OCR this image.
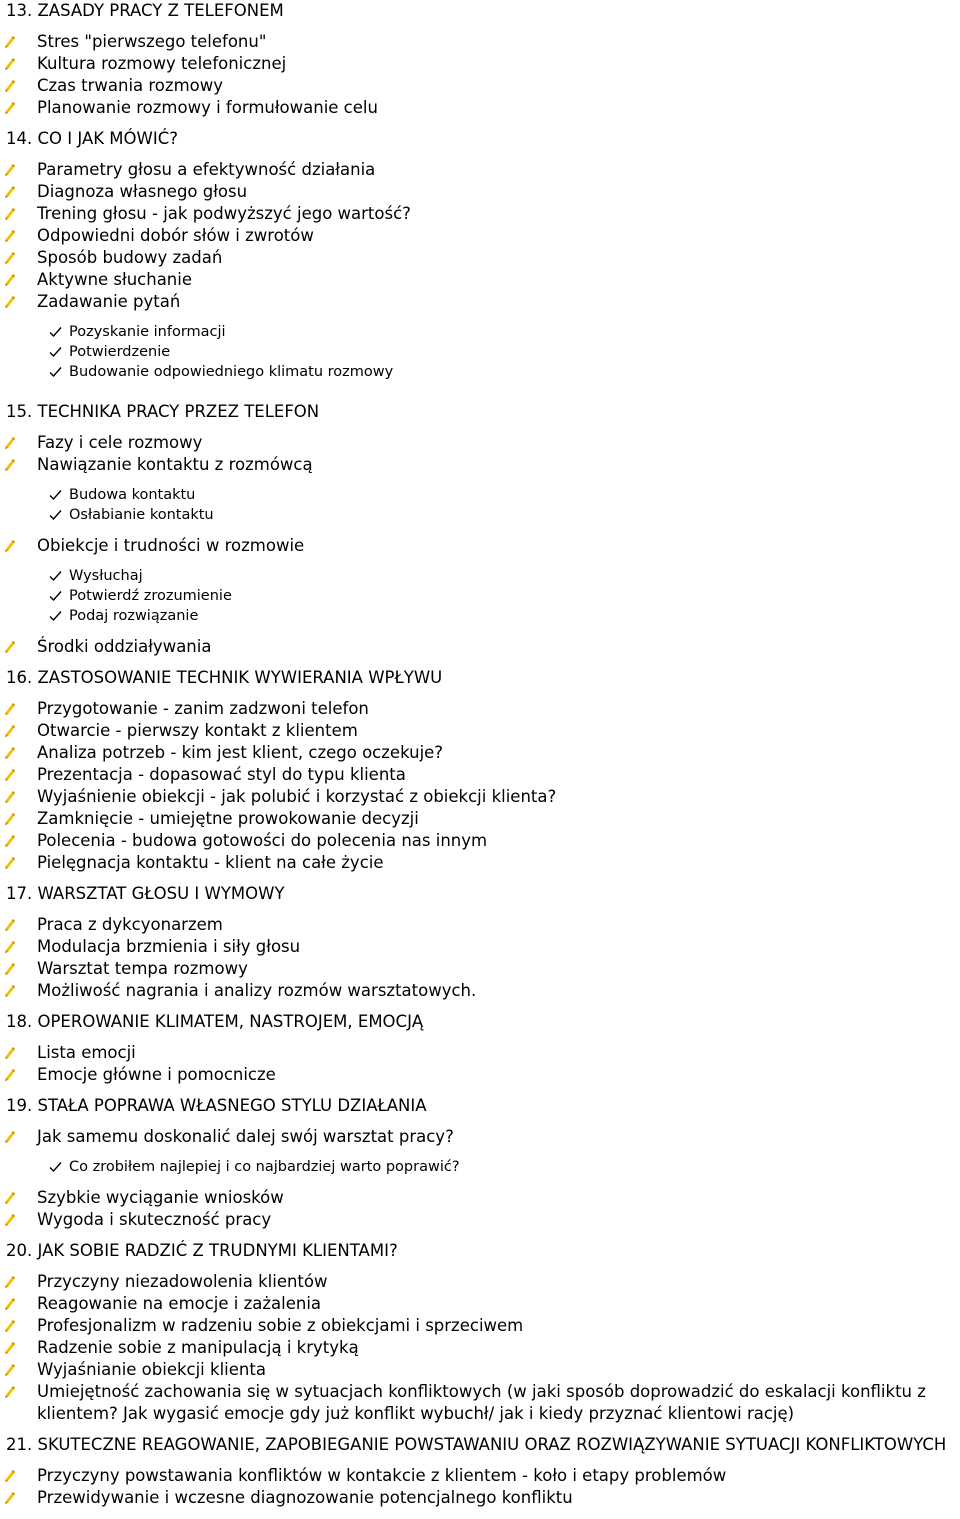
13. ZASADY PRACY Z TELEFONEM
Stres "pierwszego telefonu"
Kultura rozmowy telefonicznej
Czas trwania rozmowy
Planowanie rozmowy i formułowanie celu
14. CO I JAK MÓWIĆ?
Parametry głosu a efektywność działania
Diagnoza własnego głosu
Trening głosu - jak podwyższyć jego wartość?
Odpowiedni dobór słów i zwrotów
Sposób budowy zadań
Aktywne słuchanie
Zadawanie pytań
Pozyskanie informacji
Potwierdzenie
Budowanie odpowiedniego klimatu rozmowy
15. TECHNIKA PRACY PRZEZ TELEFON
Fazy i cele rozmowy
Nawiązanie kontaktu z rozmówcą
Budowa kontaktu
Osłabianie kontaktu
Obiekcje i trudności w rozmowie
Wysłuchaj
Potwierdź zrozumienie
Podaj rozwiązanie
Środki oddziaływania
16. ZASTOSOWANIE TECHNIK WYWIERANIA WPŁYWU
Przygotowanie - zanim zadzwoni telefon
Otwarcie - pierwszy kontakt z klientem
Analiza potrzeb - kim jest klient, czego oczekuje?
Prezentacja - dopasować styl do typu klienta
Wyjaśnienie obiekcji - jak polubić i korzystać z obiekcji klienta?
Zamknięcie - umiejętne prowokowanie decyzji
Polecenia - budowa gotowości do polecenia nas innym
Pielęgnacja kontaktu - klient na całe życie
17. WARSZTAT GŁOSU I WYMOWY
Praca z dykcyonarzem
Modulacja brzmienia i siły głosu
Warsztat tempa rozmowy
Możliwość nagrania i analizy rozmów warsztatowych.
18. OPEROWANIE KLIMATEM, NASTROJEM, EMOCJĄ
Lista emocji
Emocje główne i pomocnicze
19. STAŁA POPRAWA WŁASNEGO STYLU DZIAŁANIA
Jak samemu doskonalić dalej swój warsztat pracy?
Co zrobiłem najlepiej i co najbardziej warto poprawić?
Szybkie wyciąganie wniosków
Wygoda i skuteczność pracy
20. JAK SOBIE RADZIĆ Z TRUDNYMI KLIENTAMI?
Przyczyny niezadowolenia klientów
Reagowanie na emocje i zażalenia
Profesjonalizm w radzeniu sobie z obiekcjami i sprzeciwem
Radzenie sobie z manipulacją i krytyką
Wyjaśnianie obiekcji klienta
Umiejętność zachowania się w sytuacjach konfliktowych (w jaki sposób doprowadzić do eskalacji konfliktu z klientem? Jak wygasić emocje gdy już konflikt wybuchł/ jak i kiedy przyznać klientowi rację)
21. SKUTECZNE REAGOWANIE, ZAPOBIEGANIE POWSTAWANIU ORAZ ROZWIĄZYWANIE SYTUACJI KONFLIKTOWYCH
Przyczyny powstawania konfliktów w kontakcie z klientem - koło i etapy problemów
Przewidywanie i wczesne diagnozowanie potencjalnego konfliktu
